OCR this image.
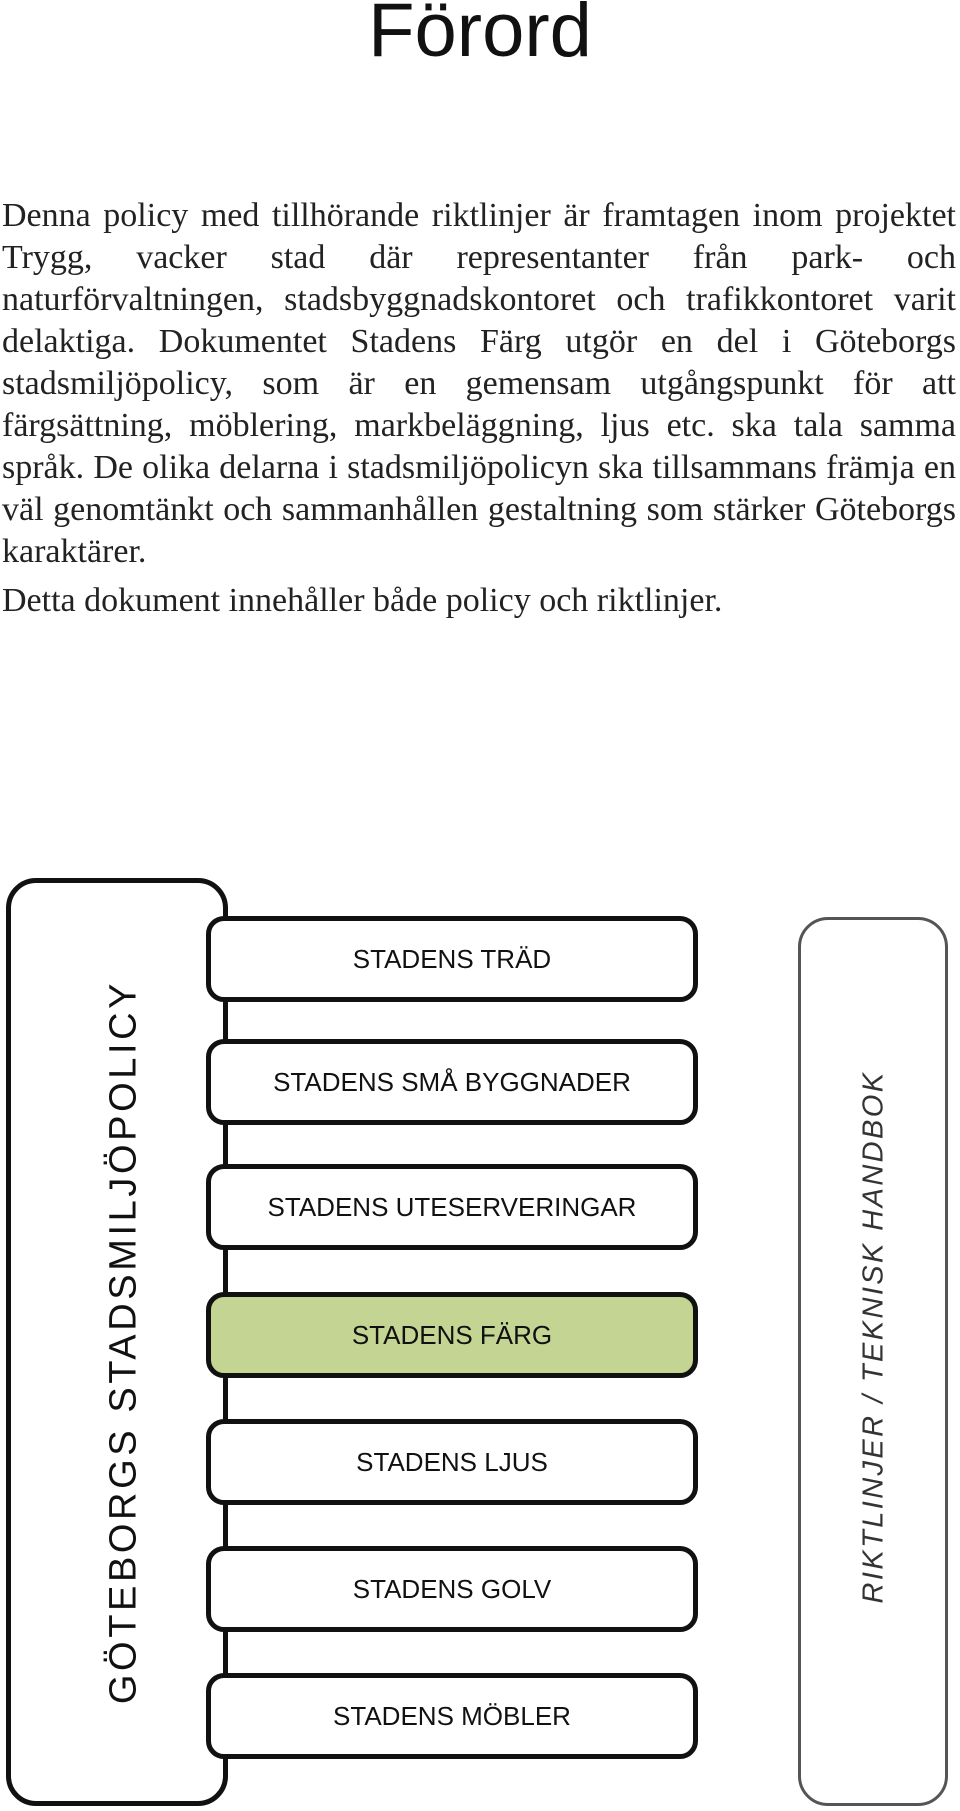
Förord

Denna policy med tillhörande riktlinjer är framtagen inom projektet Trygg, vacker stad där representanter från park- och naturförvaltningen, stadsbyggnadskontoret och trafikkontoret varit delaktiga. Dokumentet Stadens Färg utgör en del i Göteborgs stadsmiljöpolicy, som är en gemensam utgångspunkt för att färgsättning, möblering, markbeläggning, ljus etc. ska tala samma språk. De olika delarna i stadsmiljöpolicyn ska tillsammans främja en väl genomtänkt och sammanhållen gestaltning som stärker Göteborgs karaktärer.

Detta dokument innehåller både policy och riktlinjer.

GÖTEBORGS STADSMILJÖPOLICY
STADENS TRÄD
STADENS SMÅ BYGGNADER
STADENS UTESERVERINGAR
STADENS FÄRG
STADENS LJUS
STADENS GOLV
STADENS MÖBLER
RIKTLINJER / TEKNISK HANDBOK
